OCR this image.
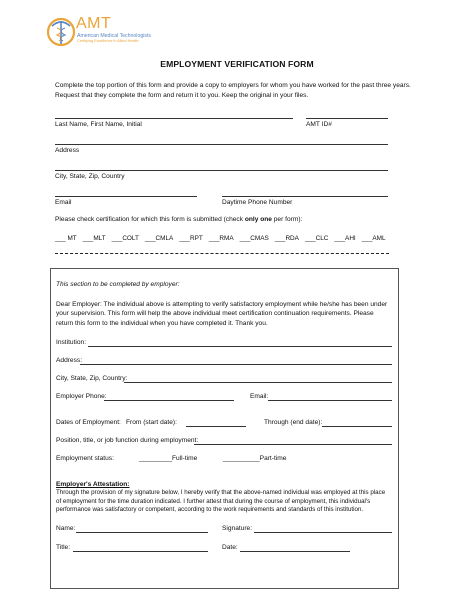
AMT
American Medical Technologists
Certifying Excellence in Allied Health
EMPLOYMENT VERIFICATION FORM
Complete the top portion of this form and provide a copy to employers for whom you have worked for the past three years. Request that they complete the form and return it to you. Keep the original in your files.
Last Name, First Name, Initial	AMT ID#
Address
City, State, Zip, Country
Email	Daytime Phone Number
Please check certification for which this form is submitted (check only one per form):
___ MT ___MLT ___COLT ___CMLA ___RPT ___RMA ___CMAS ___RDA ___CLC ___AHI ___AML
This section to be completed by employer:
Dear Employer: The individual above is attempting to verify satisfactory employment while he/she has been under your supervision. This form will help the above individual meet certification continuation requirements. Please return this form to the individual when you have completed it. Thank you.
Institution:
Address:
City, State, Zip, Country:
Employer Phone:	Email:
Dates of Employment: From (start date):	Through (end date):
Position, title, or job function during employment:
Employment status:	_________Full-time	__________Part-time
Employer's Attestation:
Through the provision of my signature below, I hereby verify that the above-named individual was employed at this place of employment for the time duration indicated. I further attest that during the course of employment, this individual's performance was satisfactory or competent, according to the work requirements and standards of this institution.
Name:	Signature:
Title:	Date:
